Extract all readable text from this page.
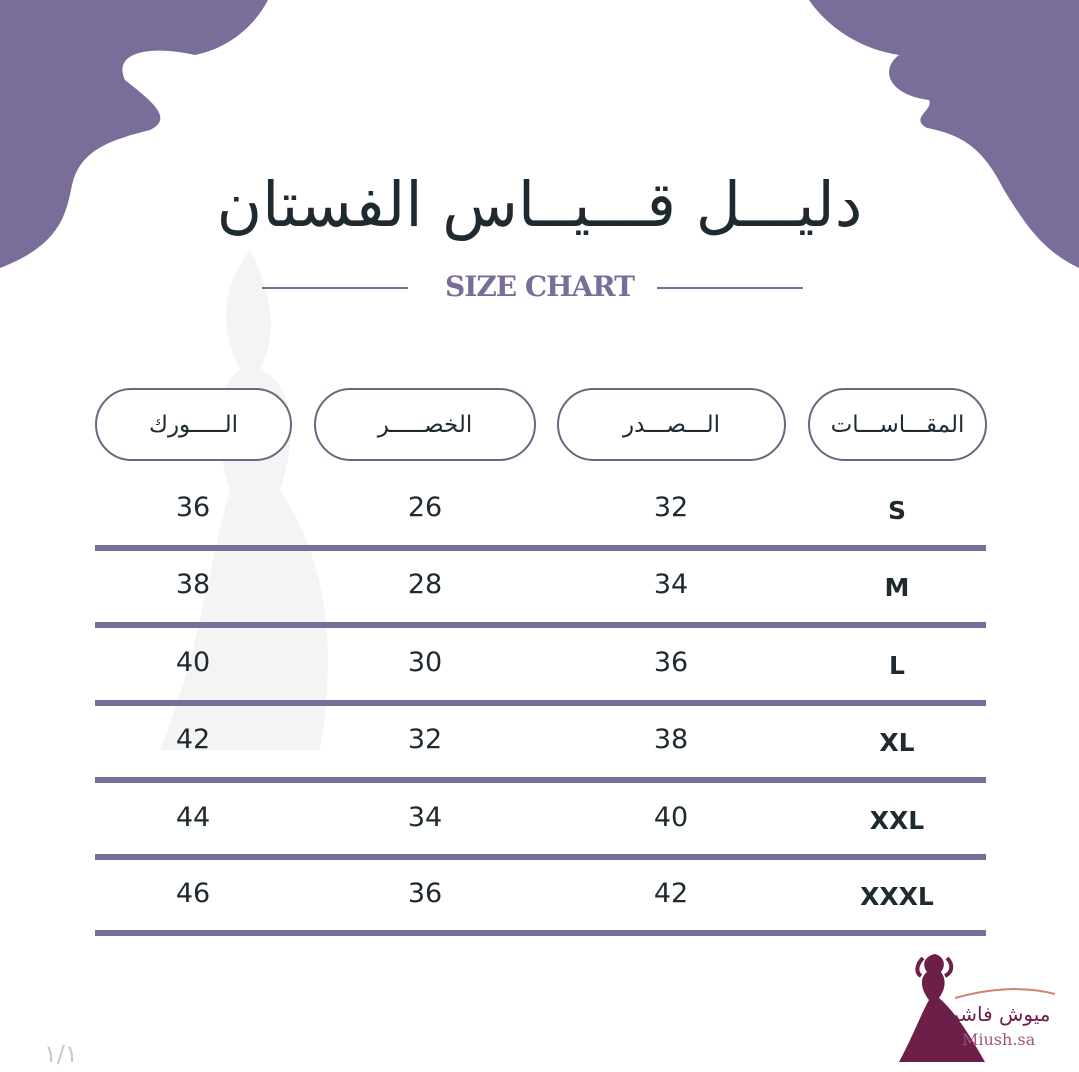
دليـــل قـــيــاس الفستان
SIZE CHART
المقـــاســـات
الـــصـــدر
الخصـــــر
الـــــورك
S
32
26
36
M
34
28
38
L
36
30
40
XL
38
32
42
XXL
40
34
44
XXXL
42
36
46
ميوش فاشن
Miush.sa
١/١
